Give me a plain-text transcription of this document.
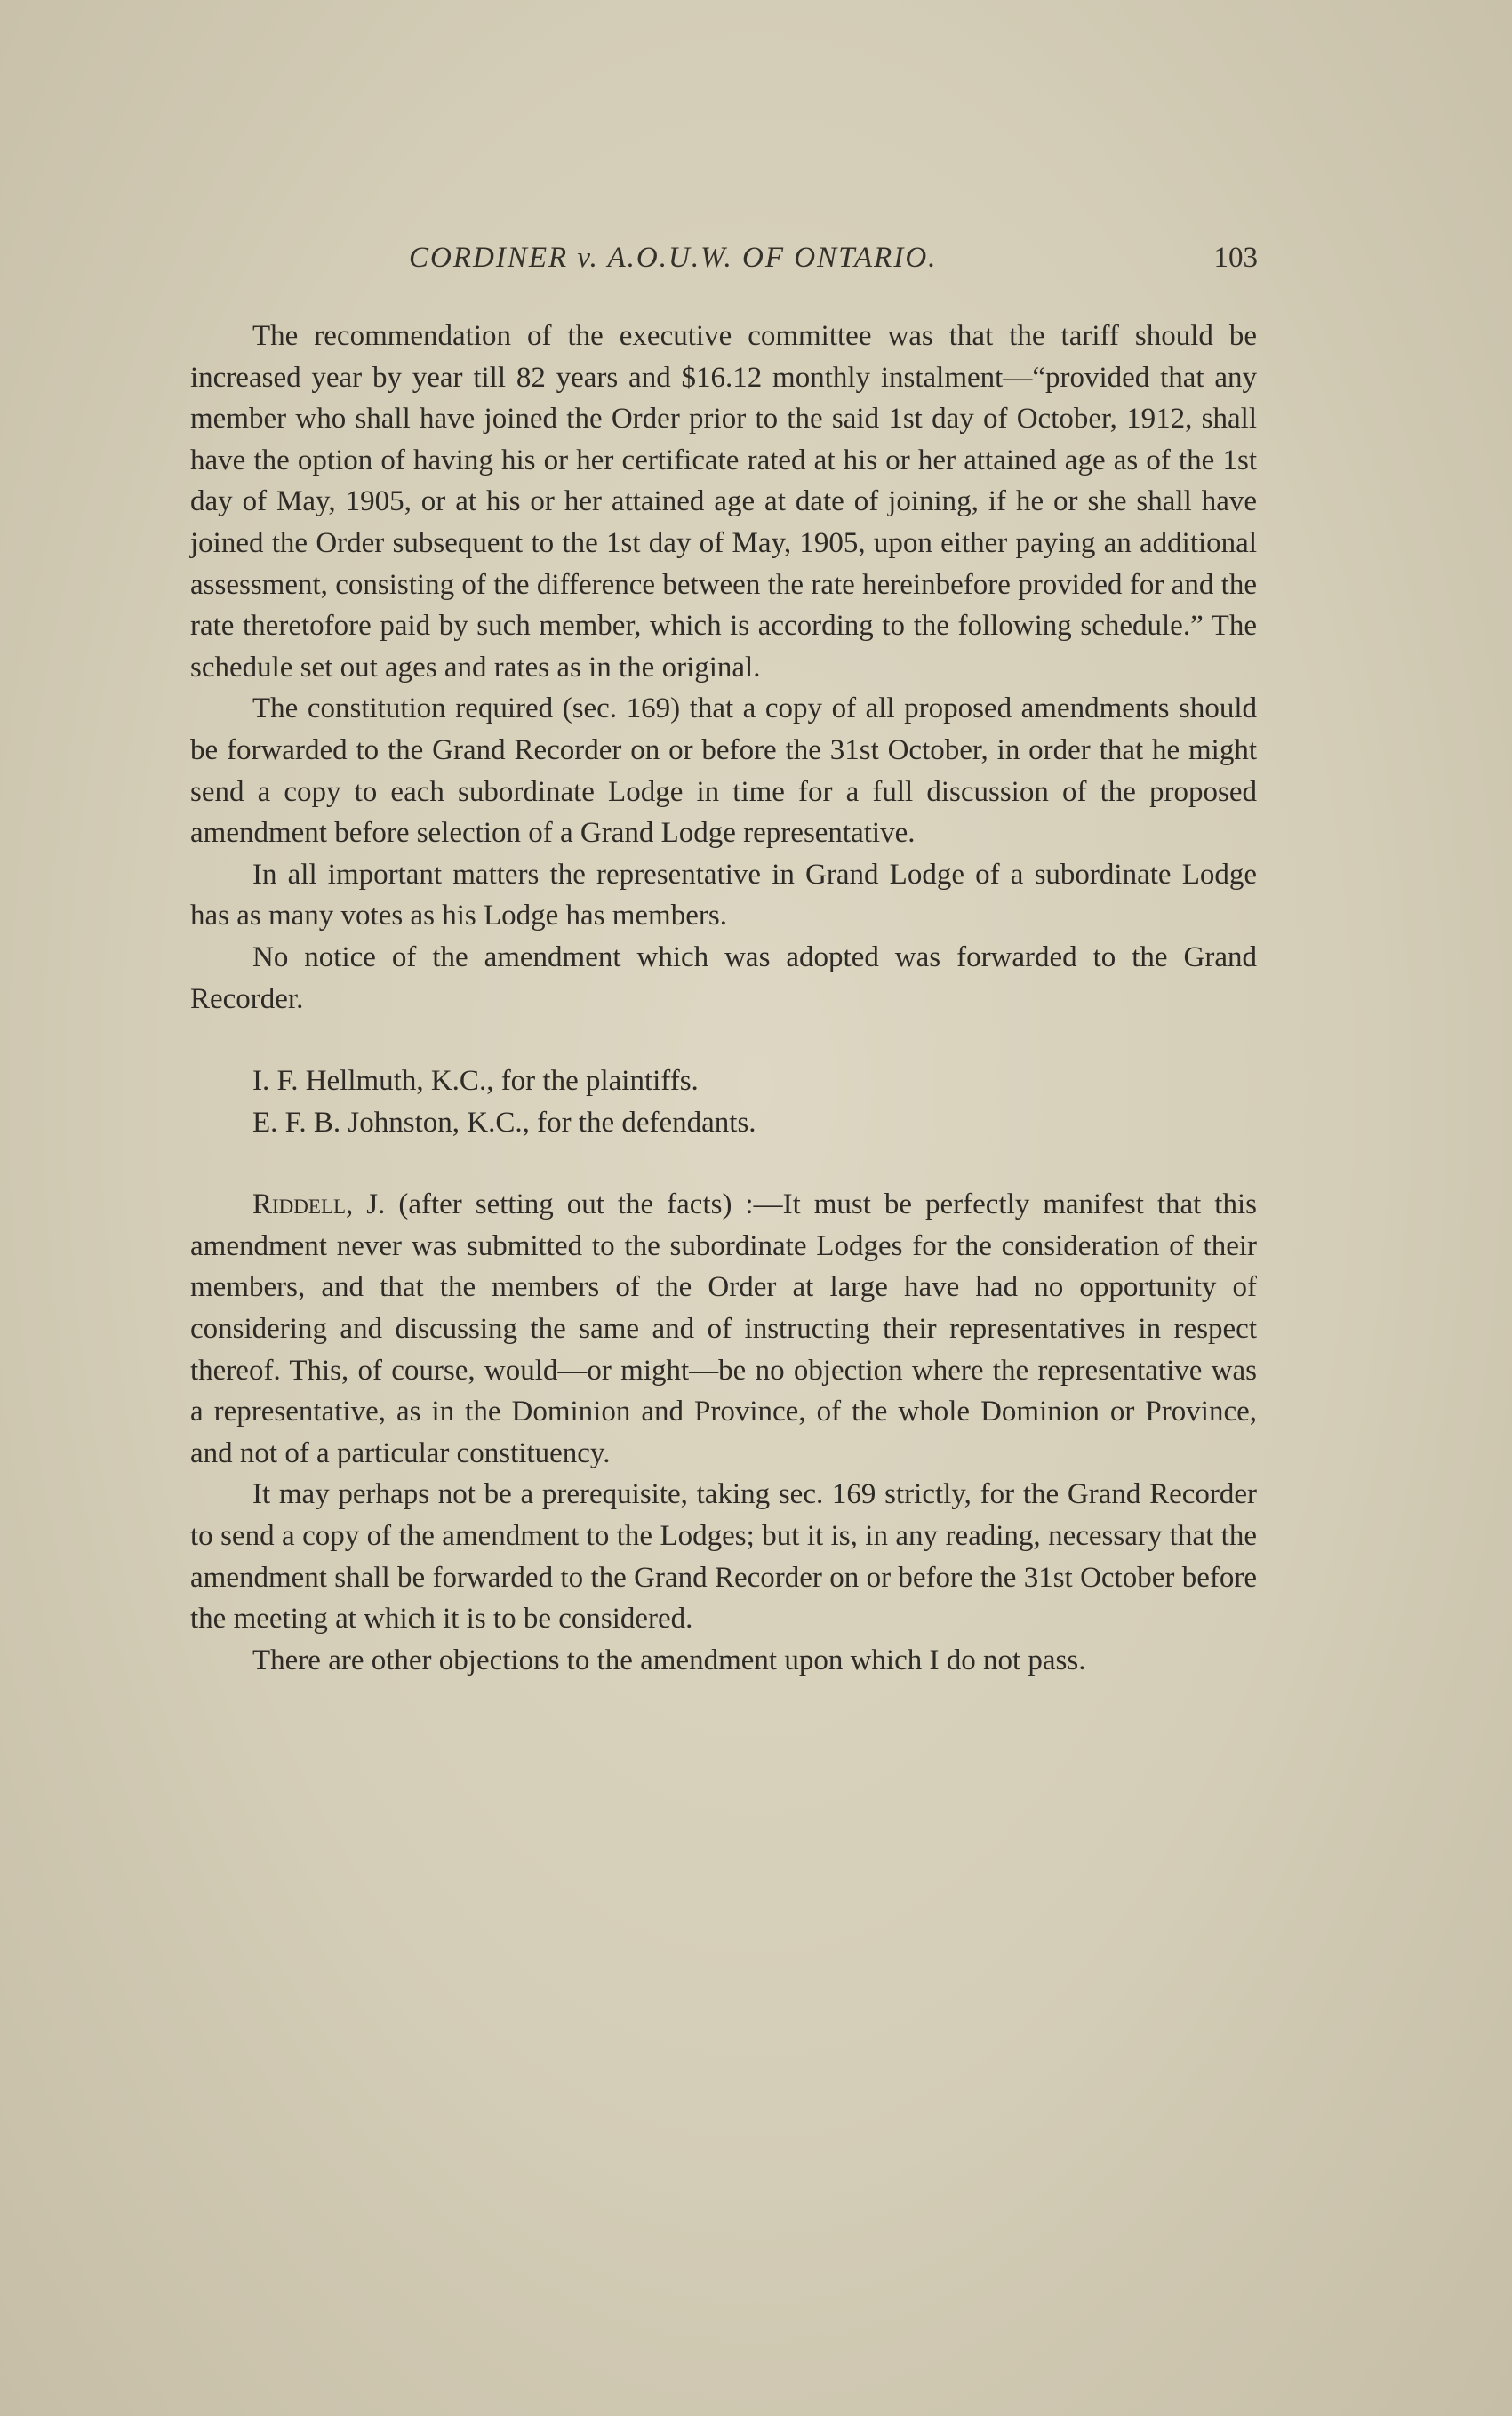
CORDINER v. A.O.U.W. OF ONTARIO.	103

The recommendation of the executive committee was that the tariff should be increased year by year till 82 years and $16.12 monthly instalment—“provided that any member who shall have joined the Order prior to the said 1st day of October, 1912, shall have the option of having his or her certificate rated at his or her attained age as of the 1st day of May, 1905, or at his or her attained age at date of joining, if he or she shall have joined the Order subsequent to the 1st day of May, 1905, upon either paying an additional assessment, consisting of the difference between the rate hereinbefore provided for and the rate theretofore paid by such member, which is according to the following schedule.” The schedule set out ages and rates as in the original.

The constitution required (sec. 169) that a copy of all proposed amendments should be forwarded to the Grand Recorder on or before the 31st October, in order that he might send a copy to each subordinate Lodge in time for a full discussion of the proposed amendment before selection of a Grand Lodge representative.

In all important matters the representative in Grand Lodge of a subordinate Lodge has as many votes as his Lodge has members.

No notice of the amendment which was adopted was forwarded to the Grand Recorder.

I. F. Hellmuth, K.C., for the plaintiffs.

E. F. B. Johnston, K.C., for the defendants.

Riddell, J. (after setting out the facts) :—It must be perfectly manifest that this amendment never was submitted to the subordinate Lodges for the consideration of their members, and that the members of the Order at large have had no opportunity of considering and discussing the same and of instructing their representatives in respect thereof. This, of course, would—or might—be no objection where the representative was a representative, as in the Dominion and Province, of the whole Dominion or Province, and not of a particular constituency.

It may perhaps not be a prerequisite, taking sec. 169 strictly, for the Grand Recorder to send a copy of the amendment to the Lodges; but it is, in any reading, necessary that the amendment shall be forwarded to the Grand Recorder on or before the 31st October before the meeting at which it is to be considered.

There are other objections to the amendment upon which I do not pass.
